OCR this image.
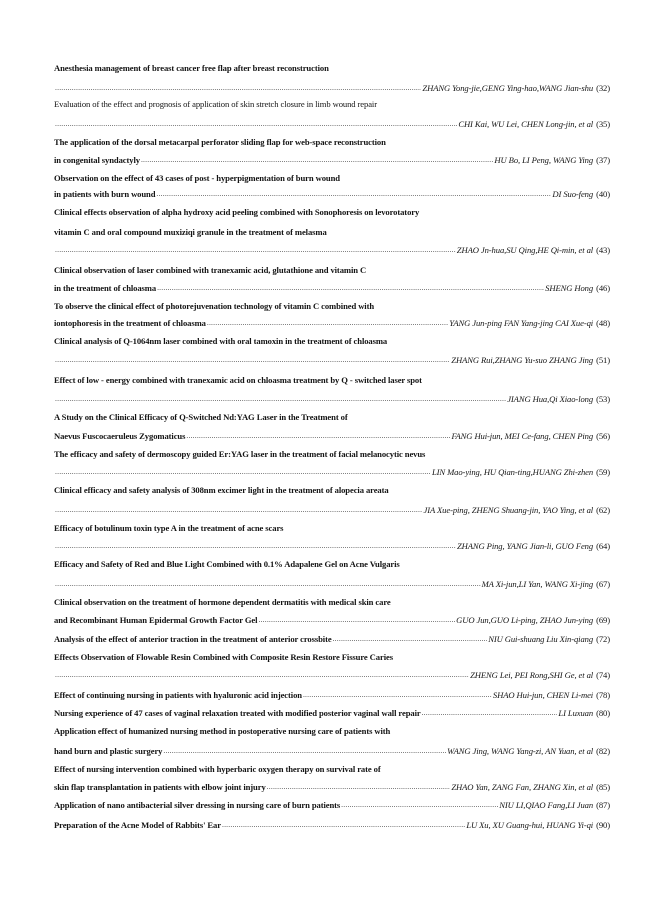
Anesthesia management of breast cancer free flap after breast reconstruction
.....
ZHANG Yong-jie,GENG Ying-hao,WANG Jian-shu (32)
Evaluation of the effect and prognosis of application of skin stretch closure in limb wound repair
.....
CHI Kai, WU Lei, CHEN Long-jin, et al (35)
The application of the dorsal metacarpal perforator sliding flap for web-space reconstruction
in congenital syndactyly .....	HU Bo, LI Peng, WANG Ying (37)
Observation on the effect of 43 cases of post - hyperpigmentation of burn wound
in patients with burn wound .....	DI Suo-feng (40)
Clinical effects observation of alpha hydroxy acid peeling combined with Sonophoresis on levorotatory
vitamin C and oral compound muxiziqi granule in the treatment of melasma
.....
ZHAO Jn-hua,SU Qing,HE Qi-min, et al (43)
Clinical observation of laser combined with tranexamic acid, glutathione and vitamin C
in the treatment of chloasma .....	SHENG Hong (46)
To observe the clinical effect of photorejuvenation technology of vitamin C combined with
iontophoresis in the treatment of chloasma .....	YANG Jun-ping FAN Yang-jing CAI Xue-qi (48)
Clinical analysis of Q-1064nm laser combined with oral tamoxin in the treatment of chloasma
.....
ZHANG Rui,ZHANG Yu-suo ZHANG Jing (51)
Effect of low - energy combined with tranexamic acid on chloasma treatment by Q - switched laser spot
.....
JIANG Hua,Qi Xiao-long (53)
A Study on the Clinical Efficacy of Q-Switched Nd:YAG Laser in the Treatment of
Naevus Fuscocaeruleus Zygomaticus .....	FANG Hui-jun, MEI Ce-fang, CHEN Ping (56)
The efficacy and safety of dermoscopy guided Er:YAG laser in the treatment of facial melanocytic nevus
.....
LIN Mao-ying, HU Qian-ting,HUANG Zhi-zhen (59)
Clinical efficacy and safety analysis of 308nm excimer light in the treatment of alopecia areata
.....
JIA Xue-ping, ZHENG Shuang-jin, YAO Ying, et al (62)
Efficacy of botulinum toxin type A in the treatment of acne scars
.....
ZHANG Ping, YANG Jian-li, GUO Feng (64)
Efficacy and Safety of Red and Blue Light Combined with 0.1% Adapalene Gel on Acne Vulgaris
.....
MA Xi-jun,LI Yan, WANG Xi-jing (67)
Clinical observation on the treatment of hormone dependent dermatitis with medical skin care
and Recombinant Human Epidermal Growth Factor Gel .....	GUO Jun,GUO Li-ping, ZHAO Jun-ying (69)
Analysis of the effect of anterior traction in the treatment of anterior crossbite .....	NIU Gui-shuang Liu Xin-qiang (72)
Effects Observation of Flowable Resin Combined with Composite Resin Restore Fissure Caries
.....
ZHENG Lei, PEI Rong,SHI Ge, et al (74)
Effect of continuing nursing in patients with hyaluronic acid injection .....	SHAO Hui-jun, CHEN Li-mei (78)
Nursing experience of 47 cases of vaginal relaxation treated with modified posterior vaginal wall repair .....	LI Luxuan (80)
Application effect of humanized nursing method in postoperative nursing care of patients with
hand burn and plastic surgery .....	WANG Jing, WANG Yang-zi, AN Yuan, et al (82)
Effect of nursing intervention combined with hyperbaric oxygen therapy on survival rate of
skin flap transplantation in patients with elbow joint injury .....	ZHAO Yan, ZANG Fan, ZHANG Xin, et al (85)
Application of nano antibacterial silver dressing in nursing care of burn patients .....	NIU LI,QIAO Fang,LI Juan (87)
Preparation of the Acne Model of Rabbits' Ear .....	LU Xu, XU Guang-hui, HUANG Yi-qi (90)
